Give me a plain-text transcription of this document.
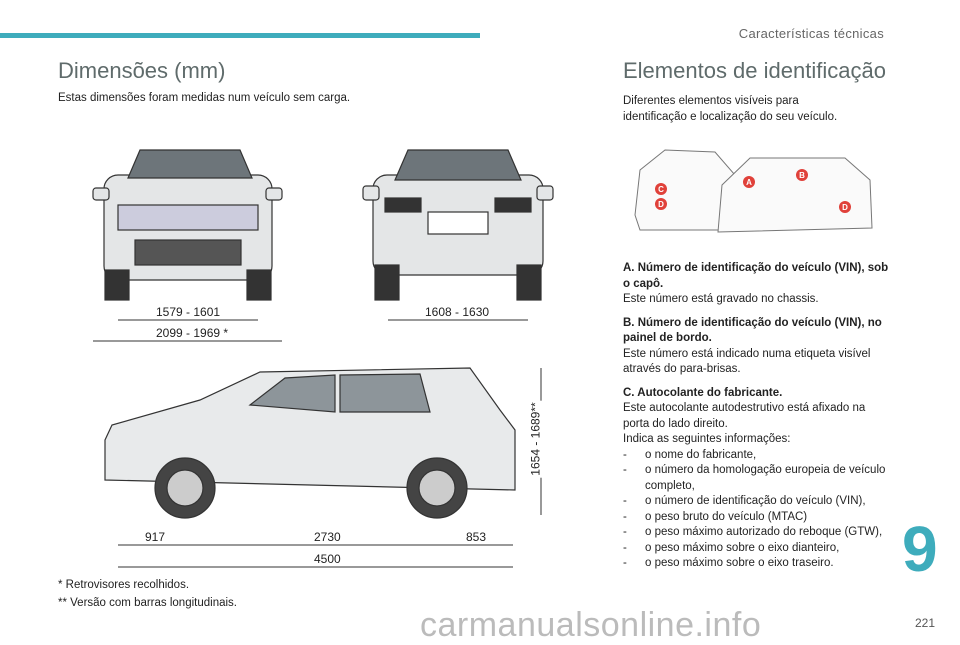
Características técnicas
Dimensões (mm)
Estas dimensões foram medidas num veículo sem carga.
A
B
C
D	D
1579 - 1601
2099 - 1969 *
1608 - 1630
1654 - 1689**
917	2730	853
4500
* Retrovisores recolhidos.
** Versão com barras longitudinais.
Elementos de identificação
Diferentes elementos visíveis para identificação e localização do seu veículo.

A. Número de identificação do veículo (VIN), sob o capô.
Este número está gravado no chassis.

B. Número de identificação do veículo (VIN), no painel de bordo.
Este número está indicado numa etiqueta visível através do para-brisas.

C. Autocolante do fabricante.
Este autocolante autodestrutivo está afixado na porta do lado direito.

Indica as seguintes informações:
-	o nome do fabricante,
-	o número da homologação europeia de veículo completo,
-	o número de identificação do veículo (VIN),
-	o peso bruto do veículo (MTAC)
-	o peso máximo autorizado do reboque (GTW),
-	o peso máximo sobre o eixo dianteiro,
-	o peso máximo sobre o eixo traseiro. 9
carmanualsonline.info	221
